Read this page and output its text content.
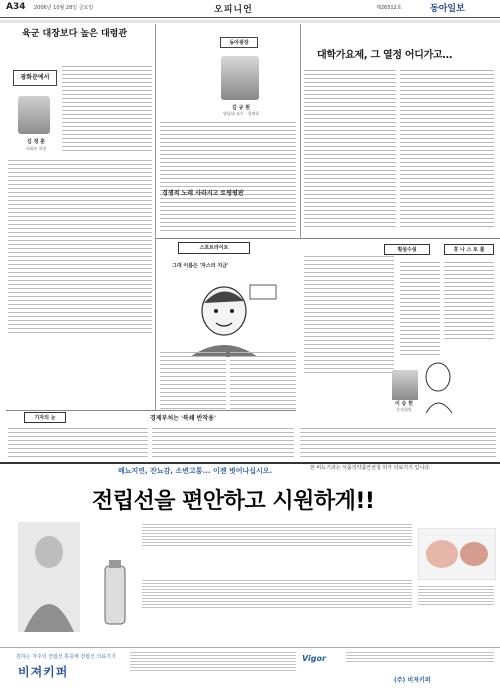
A34 2006년 10월 28일 금요일	오피니언	제26512호	동아일보
육군 대장보다 높은 대령관
광화문에서
김 정 훈
사회부 차장
동아광장
김 규 원
영남대 교수 · 경제학
대학가요제, 그 열정 어디가고…
경쟁적 노래 사라지고 토평평판
스포트라이트
그대 이름은 '자스터 지금'
횡설수설	휴 나 스 토 볼
이 승 헌
논설위원
기자의 눈	경제부처는 '북쇄 반작용'
배뇨지연, 잔뇨감, 소변고통... 이젠 벗어나십시오.	본 비뇨기과는 식품의약품안전청 허가 의료기기 입니다.
전립선을 편안하고 시원하게!!
원하는 자주의 전립선 통증에 전립선 의료기기
비져키퍼
Vigor
(주) 비져키퍼
